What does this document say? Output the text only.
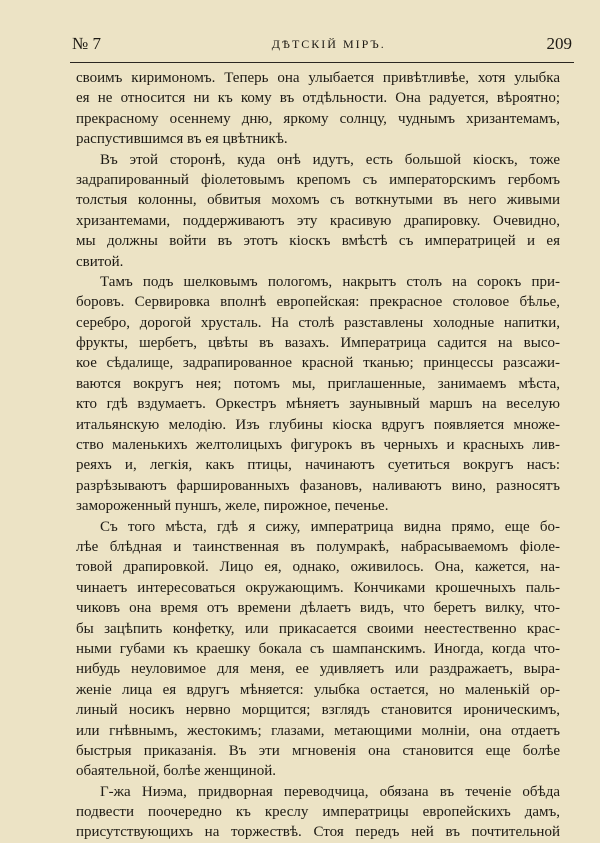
№ 7	ДѢТСКІЙ МІРЪ.	209
своимъ киримономъ. Теперь она улыбается привѣтливѣе, хотя улыбка
ея не относится ни къ кому въ отдѣльности. Она радуется, вѣроятно;
прекрасному осеннему дню, яркому солнцу, чуднымъ хризантемамъ,
распустившимся въ ея цвѣтникѣ.
Въ этой сторонѣ, куда онѣ идутъ, есть большой кіоскъ, тоже
задрапированный фіолетовымъ крепомъ съ императорскимъ гербомъ
толстыя колонны, обвитыя мохомъ съ воткнутыми въ него живыми
хризантемами, поддерживаютъ эту красивую драпировку. Очевидно,
мы должны войти въ этотъ кіоскъ вмѣстѣ съ императрицей и ея
свитой.
Тамъ подъ шелковымъ пологомъ, накрытъ столъ на сорокъ при-
боровъ. Сервировка вполнѣ европейская: прекрасное столовое бѣлье,
серебро, дорогой хрусталь. На столѣ разставлены холодные напитки,
фрукты, шербетъ, цвѣты въ вазахъ. Императрица садится на высо-
кое сѣдалище, задрапированное красной тканью; принцессы разсажи-
ваются вокругъ нея; потомъ мы, приглашенные, занимаемъ мѣста,
кто гдѣ вздумаетъ. Оркестръ мѣняетъ заунывный маршъ на веселую
итальянскую мелодію. Изъ глубины кіоска вдругъ появляется множе-
ство маленькихъ желтолицыхъ фигурокъ въ черныхъ и красныхъ лив-
реяхъ и, легкія, какъ птицы, начинаютъ суетиться вокругъ насъ:
разрѣзываютъ фаршированныхъ фазановъ, наливаютъ вино, разносятъ
замороженный пуншъ, желе, пирожное, печенье.
Съ того мѣста, гдѣ я сижу, императрица видна прямо, еще бо-
лѣе блѣдная и таинственная въ полумракѣ, набрасываемомъ фіоле-
товой драпировкой. Лицо ея, однако, оживилось. Она, кажется, на-
чинаетъ интересоваться окружающимъ. Кончиками крошечныхъ паль-
чиковъ она время отъ времени дѣлаетъ видъ, что беретъ вилку, что-
бы зацѣпить конфетку, или прикасается своими неестественно крас-
ными губами къ краешку бокала съ шампанскимъ. Иногда, когда что-
нибудь неуловимое для меня, ее удивляетъ или раздражаетъ, выра-
женіе лица ея вдругъ мѣняется: улыбка остается, но маленькій ор-
линый носикъ нервно морщится; взглядъ становится ироническимъ,
или гнѣвнымъ, жестокимъ; глазами, метающими молніи, она отдаетъ
быстрыя приказанія. Въ эти мгновенія она становится еще болѣе
обаятельной, болѣе женщиной.
Г-жа Ниэма, придворная переводчица, обязана въ теченіе обѣда
подвести поочередно къ креслу императрицы европейскихъ дамъ,
присутствующихъ на торжествѣ. Стоя передъ ней въ почтительной
